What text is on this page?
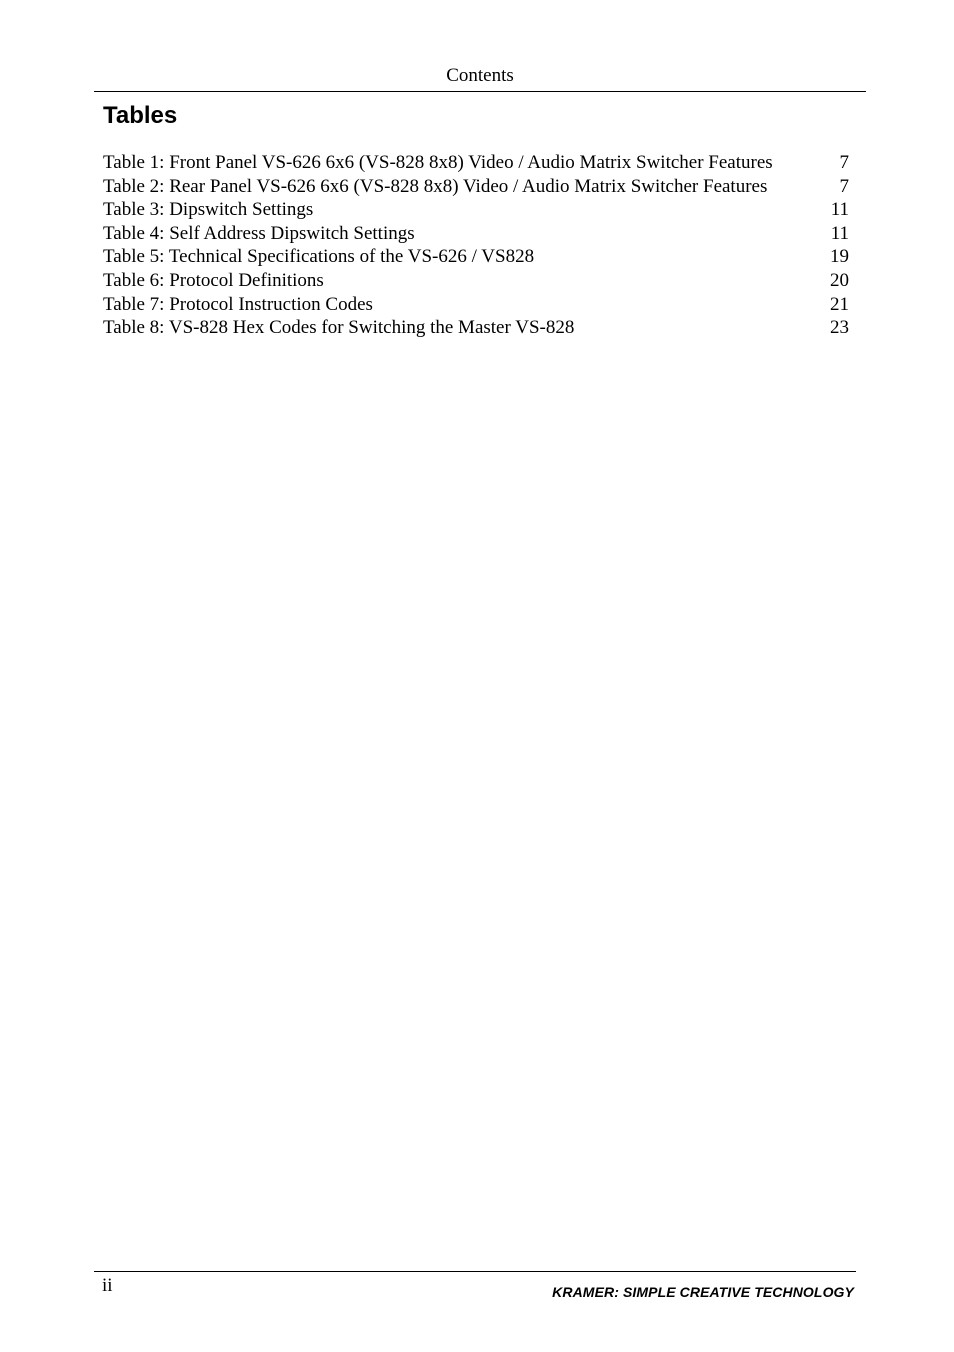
Contents
Tables
Table 1: Front Panel VS-626 6x6 (VS-828 8x8) Video / Audio Matrix Switcher Features	7
Table 2: Rear Panel VS-626 6x6 (VS-828 8x8) Video / Audio Matrix Switcher Features	7
Table 3: Dipswitch Settings	11
Table 4: Self Address Dipswitch Settings	11
Table 5: Technical Specifications of the VS-626 / VS828	19
Table 6: Protocol Definitions	20
Table 7: Protocol Instruction Codes	21
Table 8: VS-828 Hex Codes for Switching the Master VS-828	23
ii	KRAMER: SIMPLE CREATIVE TECHNOLOGY
